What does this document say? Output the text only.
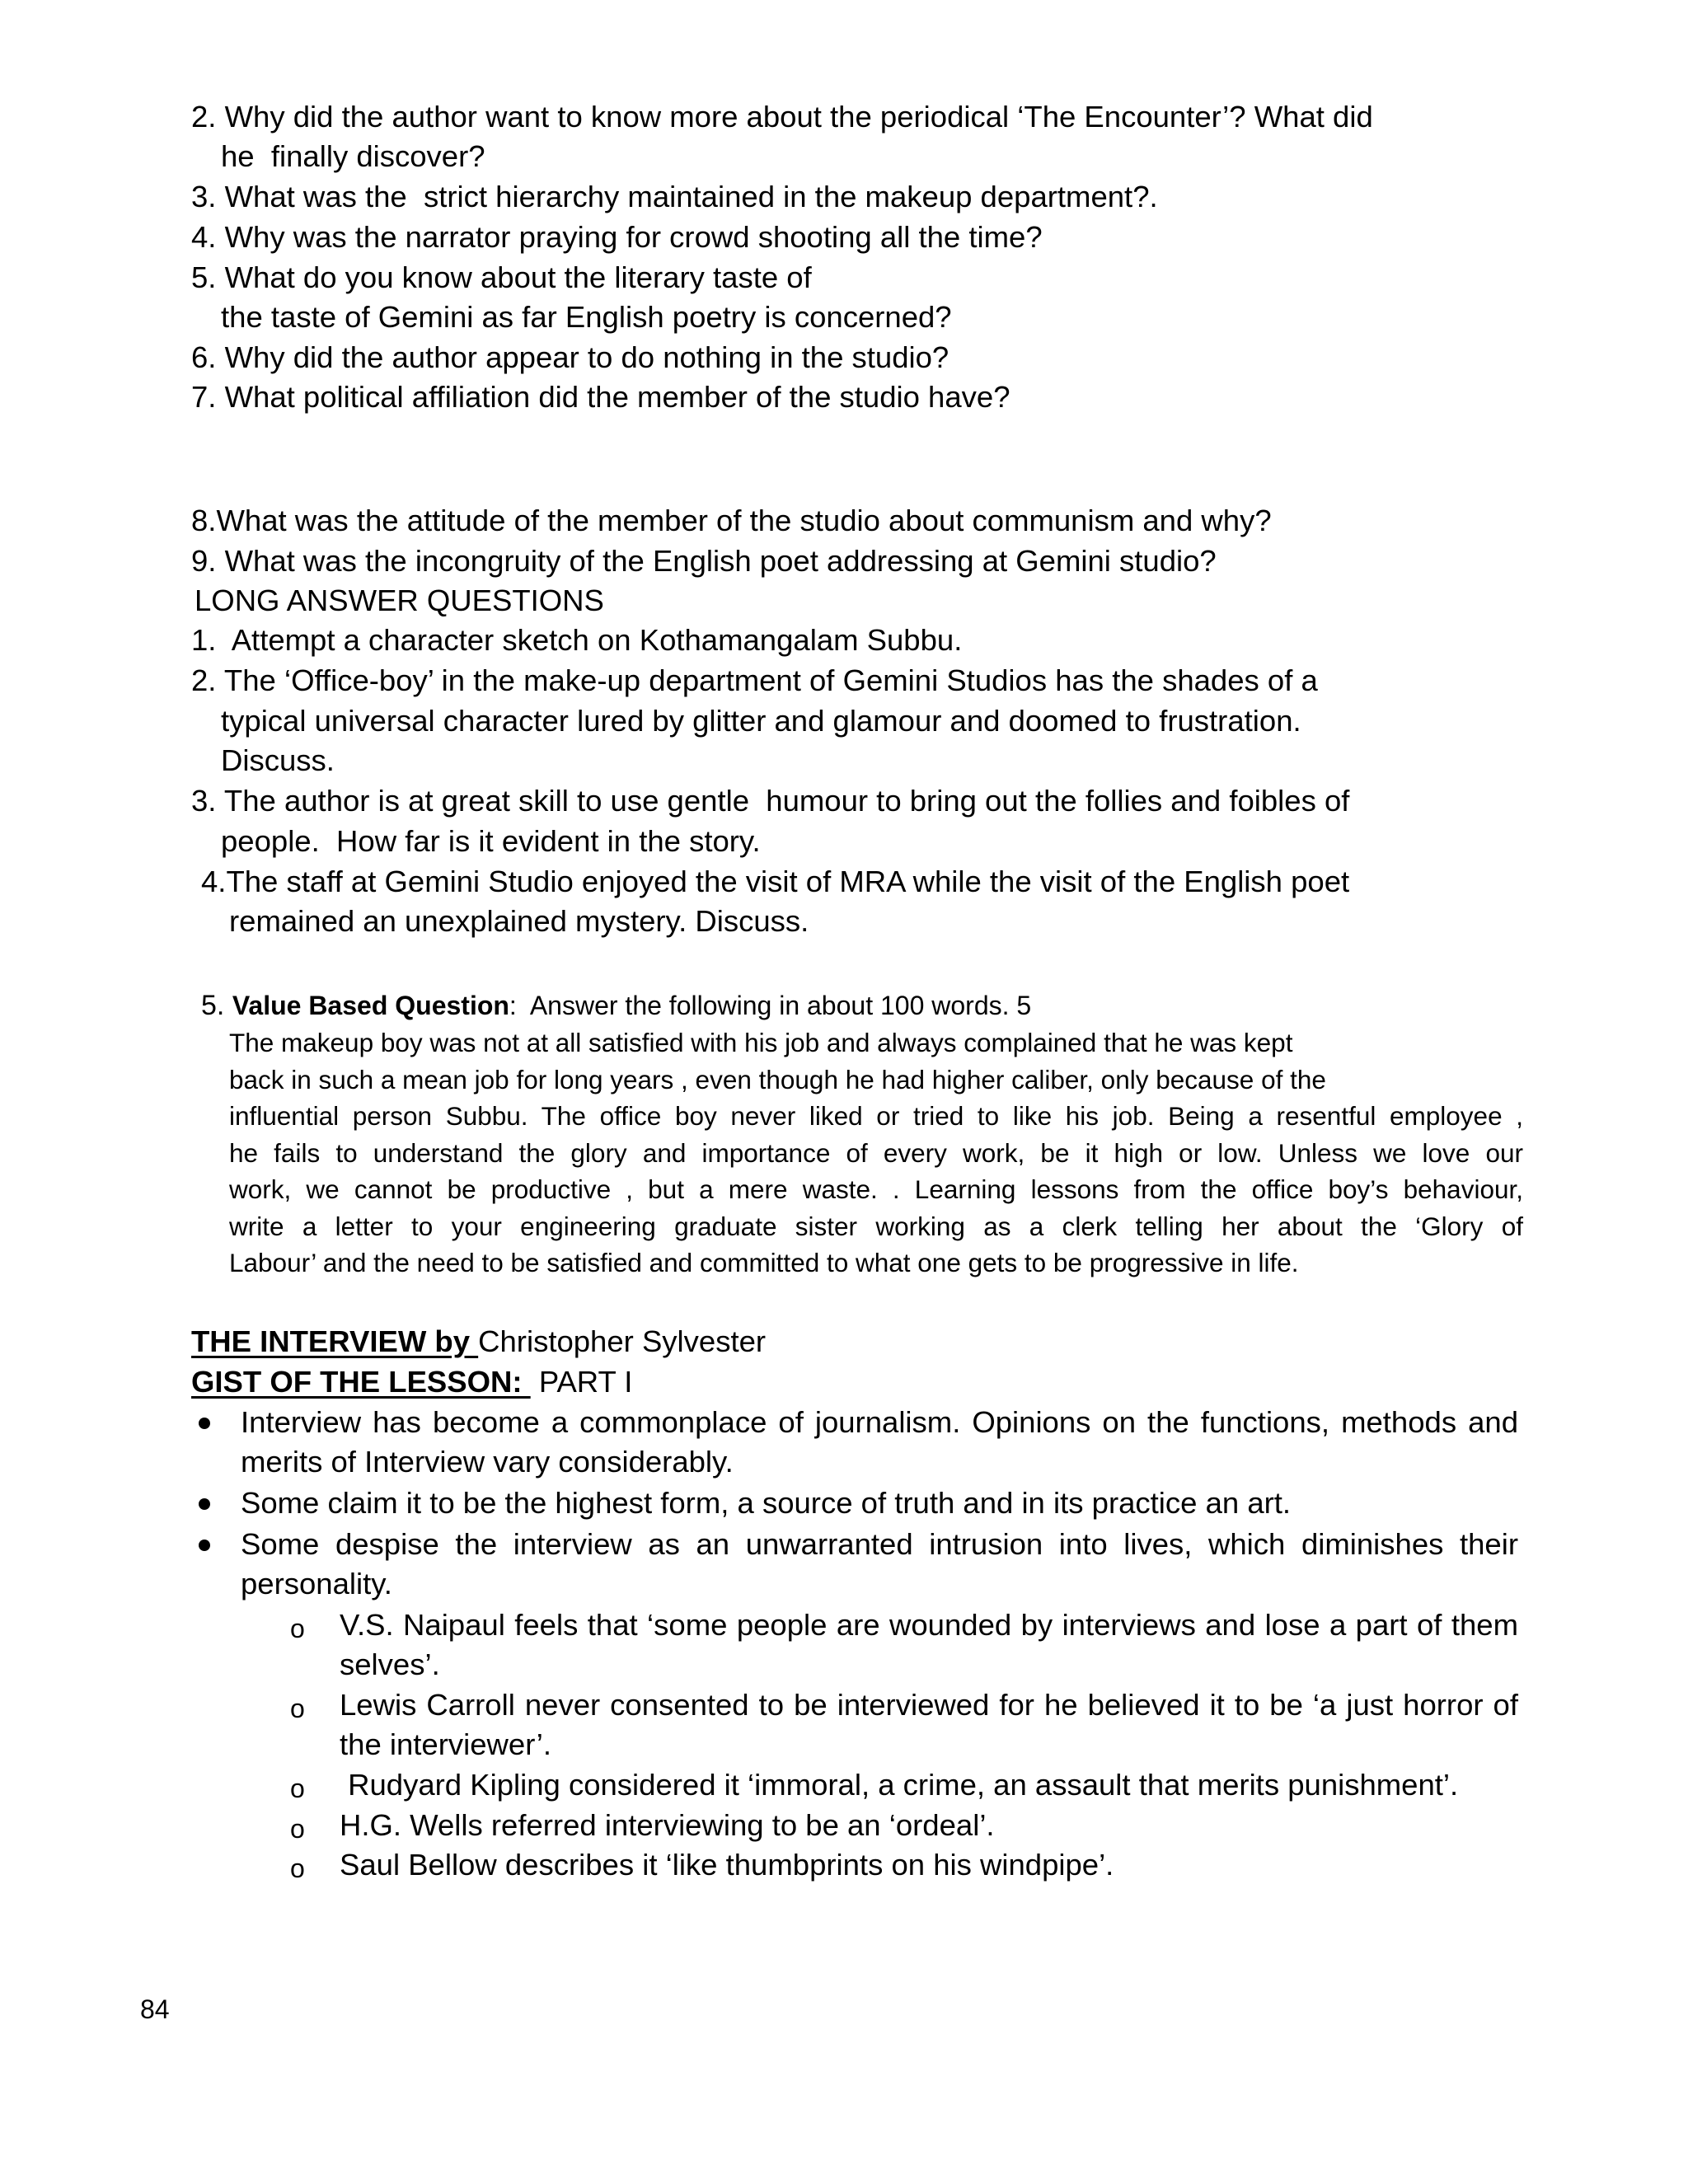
2. Why did the author want to know more about the periodical ‘The Encounter’? What did

he  finally discover?

3. What was the  strict hierarchy maintained in the makeup department?.

4. Why was the narrator praying for crowd shooting all the time?

5. What do you know about the literary taste of

the taste of Gemini as far English poetry is concerned?

6. Why did the author appear to do nothing in the studio?

7. What political affiliation did the member of the studio have?

8.What was the attitude of the member of the studio about communism and why?

9. What was the incongruity of the English poet addressing at Gemini studio?

LONG ANSWER QUESTIONS

1.  Attempt a character sketch on Kothamangalam Subbu.

2. The ‘Office-boy’ in the make-up department of Gemini Studios has the shades of a

typical universal character lured by glitter and glamour and doomed to frustration.

Discuss.

3. The author is at great skill to use gentle  humour to bring out the follies and foibles of

people.  How far is it evident in the story.

4.The staff at Gemini Studio enjoyed the visit of MRA while the visit of the English poet

remained an unexplained mystery. Discuss.

5. Value Based Question:  Answer the following in about 100 words. 5

The makeup boy was not at all satisfied with his job and always complained that he was kept

back in such a mean job for long years , even though he had higher caliber, only because of the

influential person Subbu. The office boy never liked or tried to like his job. Being a resentful employee ,

he fails to understand the glory and importance of every work, be it high or low. Unless we love our

work, we cannot be productive , but a mere waste. . Learning lessons from the office boy’s behaviour,

write a letter to your engineering graduate sister working as a clerk telling her about the ‘Glory of

Labour’ and the need to be satisfied and committed to what one gets to be progressive in life.

THE INTERVIEW by Christopher Sylvester

GIST OF THE LESSON:  PART I

Interview has become a commonplace of journalism. Opinions on the functions, methods and

merits of Interview vary considerably.

Some claim it to be the highest form, a source of truth and in its practice an art.

Some despise the interview as an unwarranted intrusion into lives, which diminishes their

personality.

o V.S. Naipaul feels that ‘some people are wounded by interviews and lose a part of them

selves’.

o Lewis Carroll never consented to be interviewed for he believed it to be ‘a just horror of

the interviewer’.

o Rudyard Kipling considered it ‘immoral, a crime, an assault that merits punishment’.

o H.G. Wells referred interviewing to be an ‘ordeal’.

o Saul Bellow describes it ‘like thumbprints on his windpipe’.

84
